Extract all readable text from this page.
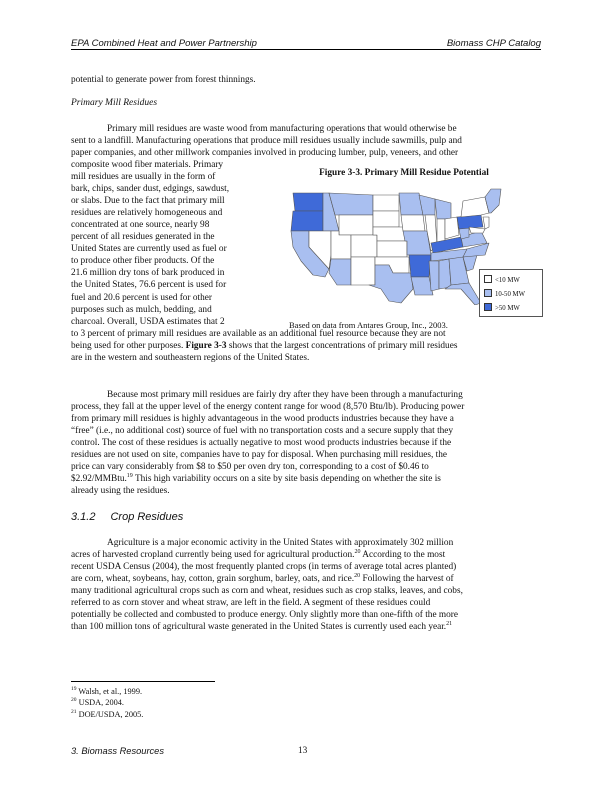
EPA Combined Heat and Power Partnership	Biomass CHP Catalog

potential to generate power from forest thinnings.

Primary Mill Residues

Primary mill residues are waste wood from manufacturing operations that would otherwise be

sent to a landfill. Manufacturing operations that produce mill residues usually include sawmills, pulp and

paper companies, and other millwork companies involved in producing lumber, pulp, veneers, and other

composite wood fiber materials. Primary

mill residues are usually in the form of

bark, chips, sander dust, edgings, sawdust,

or slabs. Due to the fact that primary mill

residues are relatively homogeneous and

concentrated at one source, nearly 98

percent of all residues generated in the

United States are currently used as fuel or

to produce other fiber products. Of the

21.6 million dry tons of bark produced in

the United States, 76.6 percent is used for

fuel and 20.6 percent is used for other

purposes such as mulch, bedding, and

charcoal. Overall, USDA estimates that 2

to 3 percent of primary mill residues are available as an additional fuel resource because they are not

being used for other purposes. Figure 3-3 shows that the largest concentrations of primary mill residues

are in the western and southeastern regions of the United States.

Figure 3-3. Primary Mill Residue Potential
<10 MW
10-50 MW
>50 MW
Based on data from Antares Group, Inc., 2003.

Because most primary mill residues are fairly dry after they have been through a manufacturing

process, they fall at the upper level of the energy content range for wood (8,570 Btu/lb). Producing power

from primary mill residues is highly advantageous in the wood products industries because they have a

“free” (i.e., no additional cost) source of fuel with no transportation costs and a secure supply that they

control. The cost of these residues is actually negative to most wood products industries because if the

residues are not used on site, companies have to pay for disposal. When purchasing mill residues, the

price can vary considerably from $8 to $50 per oven dry ton, corresponding to a cost of $0.46 to

$2.92/MMBtu.$^{19}$ This high variability occurs on a site by site basis depending on whether the site is

already using the residues.

3.1.2 Crop Residues

Agriculture is a major economic activity in the United States with approximately 302 million

acres of harvested cropland currently being used for agricultural production.$^{20}$ According to the most

recent USDA Census (2004), the most frequently planted crops (in terms of average total acres planted)

are corn, wheat, soybeans, hay, cotton, grain sorghum, barley, oats, and rice.$^{20}$ Following the harvest of

many traditional agricultural crops such as corn and wheat, residues such as crop stalks, leaves, and cobs,

referred to as corn stover and wheat straw, are left in the field. A segment of these residues could

potentially be collected and combusted to produce energy. Only slightly more than one-fifth of the more

than 100 million tons of agricultural waste generated in the United States is currently used each year.$^{21}$

$^{19}$ Walsh, et al., 1999.
$^{20}$ USDA, 2004.
$^{21}$ DOE/USDA, 2005.
3. Biomass Resources	13
